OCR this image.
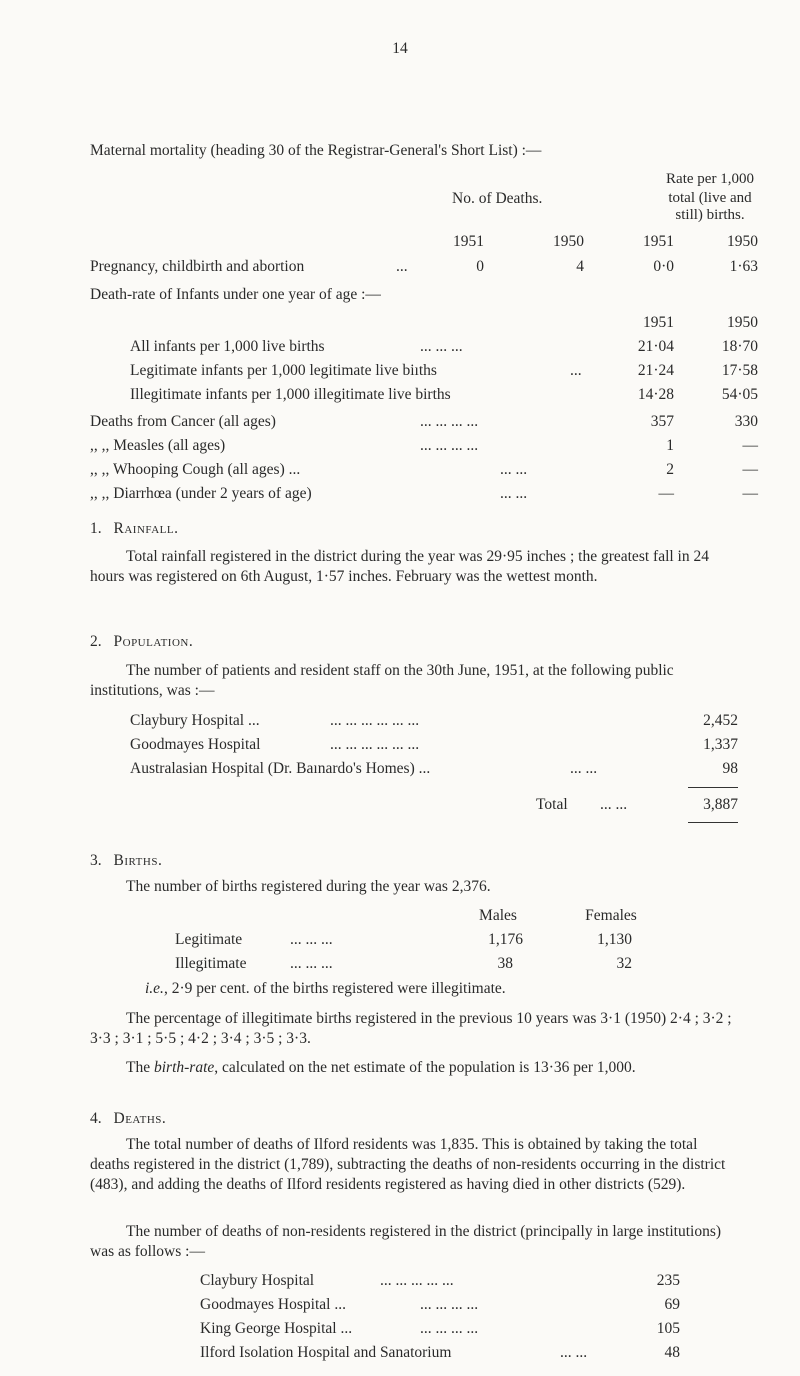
14
Maternal mortality (heading 30 of the Registrar-General's Short List) :—
Rate per 1,000
No. of Deaths.	total (live and
still) births.
1951	1950	1951	1950
Pregnancy, childbirth and abortion	...	0	4	0·0	1·63
Death-rate of Infants under one year of age :—
1951	1950
All infants per 1,000 live births	... ... ...	21·04	18·70
Legitimate infants per 1,000 legitimate live biıths	...	21·24	17·58
Illegitimate infants per 1,000 illegitimate live births	14·28	54·05
Deaths from Cancer (all ages)	... ... ... ...	357	330
,, ,, Measles (all ages)	... ... ... ...	1	—
,, ,, Whooping Cough (all ages) ...	... ...	2	—
,, ,, Diarrhœa (under 2 years of age)	... ...	—	—
1. Rainfall.
Total rainfall registered in the district during the year was 29·95 inches ; the greatest fall in 24 hours was registered on 6th August, 1·57 inches. February was the wettest month.
2. Population.
The number of patients and resident staff on the 30th June, 1951, at the following public institutions, was :—
Claybury Hospital ...	... ... ... ... ... ...	2,452
Goodmayes Hospital	... ... ... ... ... ...	1,337
Australasian Hospital (Dr. Baınardo's Homes) ...	... ...	98
Total ... ...	3,887
3. Births.
The number of births registered during the year was 2,376.
Males	Females
Legitimate	... ... ...	1,176	1,130
Illegitimate	... ... ...	38	32
i.e., 2·9 per cent. of the births registered were illegitimate.
The percentage of illegitimate births registered in the previous 10 years was 3·1 (1950) 2·4 ; 3·2 ; 3·3 ; 3·1 ; 5·5 ; 4·2 ; 3·4 ; 3·5 ; 3·3.
The birth-rate, calculated on the net estimate of the population is 13·36 per 1,000.
4. Deaths.
The total number of deaths of Ilford residents was 1,835. This is obtained by taking the total deaths registered in the district (1,789), subtracting the deaths of non-residents occurring in the district (483), and adding the deaths of Ilford residents registered as having died in other districts (529).
The number of deaths of non-residents registered in the district (principally in large institutions) was as follows :—
Claybury Hospital	... ... ... ... ...	235
Goodmayes Hospital ...	... ... ... ...	69
King George Hospital ...	... ... ... ...	105
Ilford Isolation Hospital and Sanatorium	... ...	48
